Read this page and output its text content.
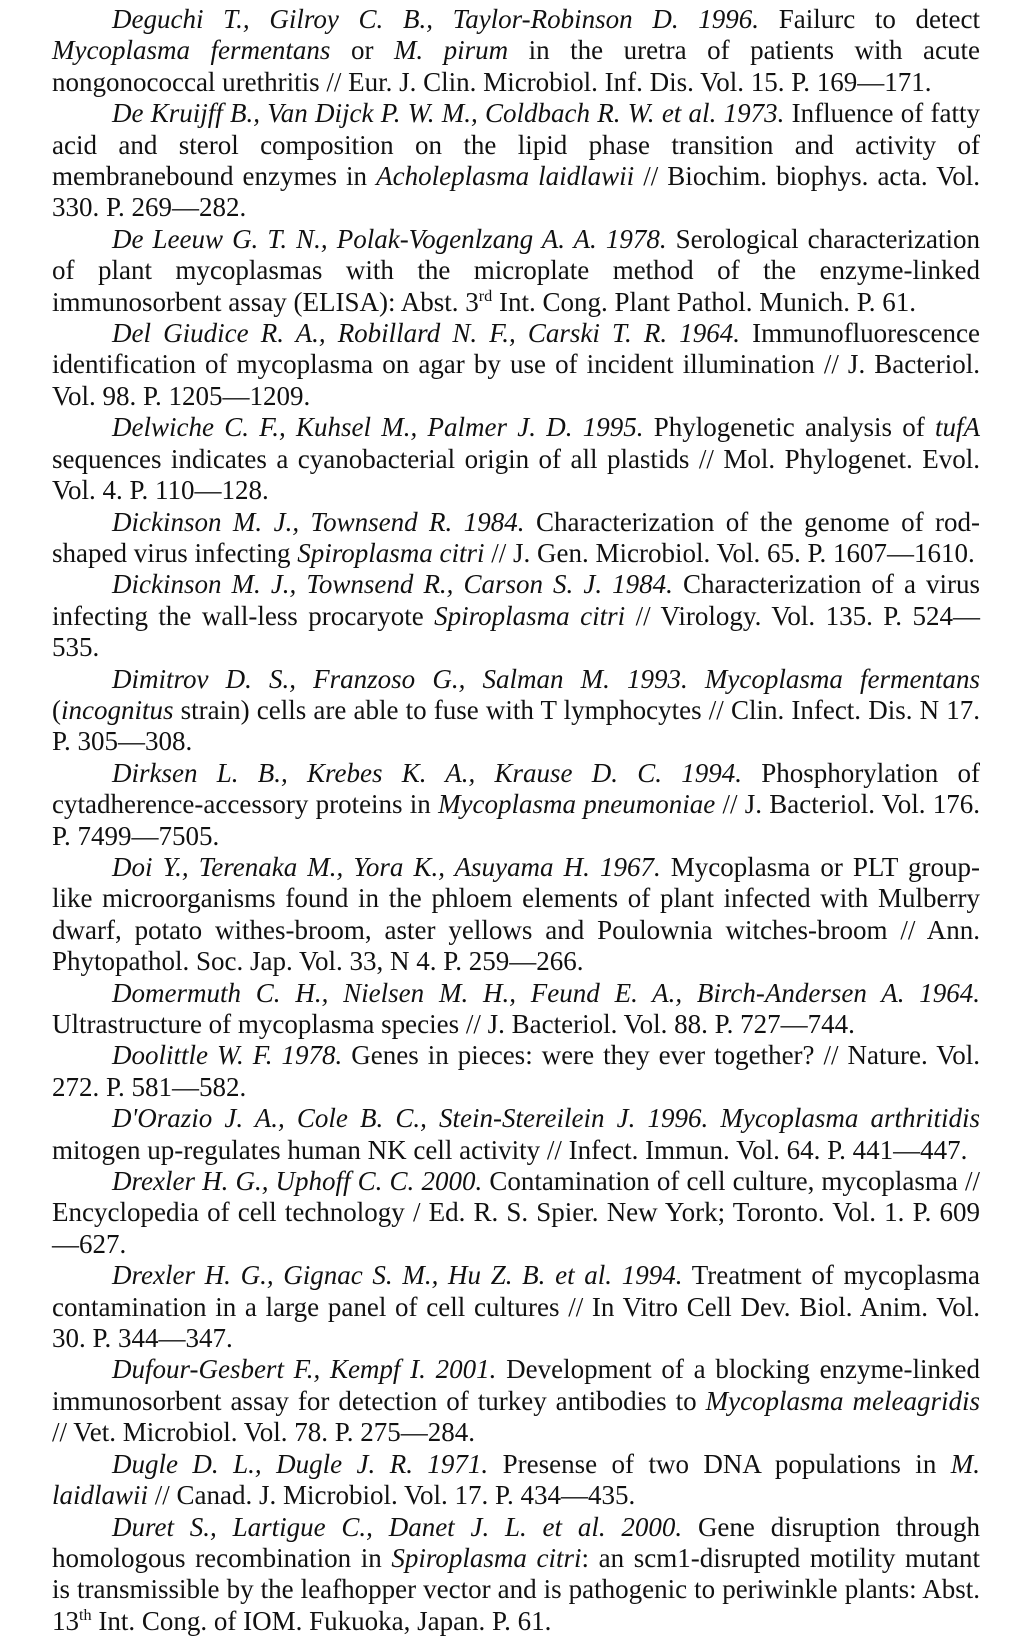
Deguchi T., Gilroy C. B., Taylor-Robinson D. 1996. Failurc to detect Mycoplasma fermentans or M. pirum in the uretra of patients with acute nongonococcal urethritis // Eur. J. Clin. Microbiol. Inf. Dis. Vol. 15. P. 169—171.

De Kruijff B., Van Dijck P. W. M., Coldbach R. W. et al. 1973. Influence of fatty acid and sterol composition on the lipid phase transition and activity of membranebound enzymes in Acholeplasma laidlawii // Biochim. biophys. acta. Vol. 330. P. 269—282.

De Leeuw G. T. N., Polak-Vogenlzang A. A. 1978. Serological characterization of plant mycoplasmas with the microplate method of the enzyme-linked immunosorbent assay (ELISA): Abst. 3rd Int. Cong. Plant Pathol. Munich. P. 61.

Del Giudice R. A., Robillard N. F., Carski T. R. 1964. Immunofluorescence identification of mycoplasma on agar by use of incident illumination // J. Bacteriol. Vol. 98. P. 1205—1209.

Delwiche C. F., Kuhsel M., Palmer J. D. 1995. Phylogenetic analysis of tufA sequences indicates a cyanobacterial origin of all plastids // Mol. Phylogenet. Evol. Vol. 4. P. 110—128.

Dickinson M. J., Townsend R. 1984. Characterization of the genome of rod-shaped virus infecting Spiroplasma citri // J. Gen. Microbiol. Vol. 65. P. 1607—1610.

Dickinson M. J., Townsend R., Carson S. J. 1984. Characterization of a virus infecting the wall-less procaryote Spiroplasma citri // Virology. Vol. 135. P. 524—535.

Dimitrov D. S., Franzoso G., Salman M. 1993. Mycoplasma fermentans (incognitus strain) cells are able to fuse with T lymphocytes // Clin. Infect. Dis. N 17. P. 305—308.

Dirksen L. B., Krebes K. A., Krause D. C. 1994. Phosphorylation of cytadherence-accessory proteins in Mycoplasma pneumoniae // J. Bacteriol. Vol. 176. P. 7499—7505.

Doi Y., Terenaka M., Yora K., Asuyama H. 1967. Mycoplasma or PLT group-like microorganisms found in the phloem elements of plant infected with Mulberry dwarf, potato withes-broom, aster yellows and Poulownia witches-broom // Ann. Phytopathol. Soc. Jap. Vol. 33, N 4. P. 259—266.

Domermuth C. H., Nielsen M. H., Feund E. A., Birch-Andersen A. 1964. Ultrastructure of mycoplasma species // J. Bacteriol. Vol. 88. P. 727—744.

Doolittle W. F. 1978. Genes in pieces: were they ever together? // Nature. Vol. 272. P. 581—582.

D'Orazio J. A., Cole B. C., Stein-Stereilein J. 1996. Mycoplasma arthritidis mitogen up-regulates human NK cell activity // Infect. Immun. Vol. 64. P. 441—447.

Drexler H. G., Uphoff C. C. 2000. Contamination of cell culture, mycoplasma // Encyclopedia of cell technology / Ed. R. S. Spier. New York; Toronto. Vol. 1. P. 609—627.

Drexler H. G., Gignac S. M., Hu Z. B. et al. 1994. Treatment of mycoplasma contamination in a large panel of cell cultures // In Vitro Cell Dev. Biol. Anim. Vol. 30. P. 344—347.

Dufour-Gesbert F., Kempf I. 2001. Development of a blocking enzyme-linked immunosorbent assay for detection of turkey antibodies to Mycoplasma meleagridis // Vet. Microbiol. Vol. 78. P. 275—284.

Dugle D. L., Dugle J. R. 1971. Presense of two DNA populations in M. laidlawii // Canad. J. Microbiol. Vol. 17. P. 434—435.

Duret S., Lartigue C., Danet J. L. et al. 2000. Gene disruption through homologous recombination in Spiroplasma citri: an scm1-disrupted motility mutant is transmissible by the leafhopper vector and is pathogenic to periwinkle plants: Abst. 13th Int. Cong. of IOM. Fukuoka, Japan. P. 61.
